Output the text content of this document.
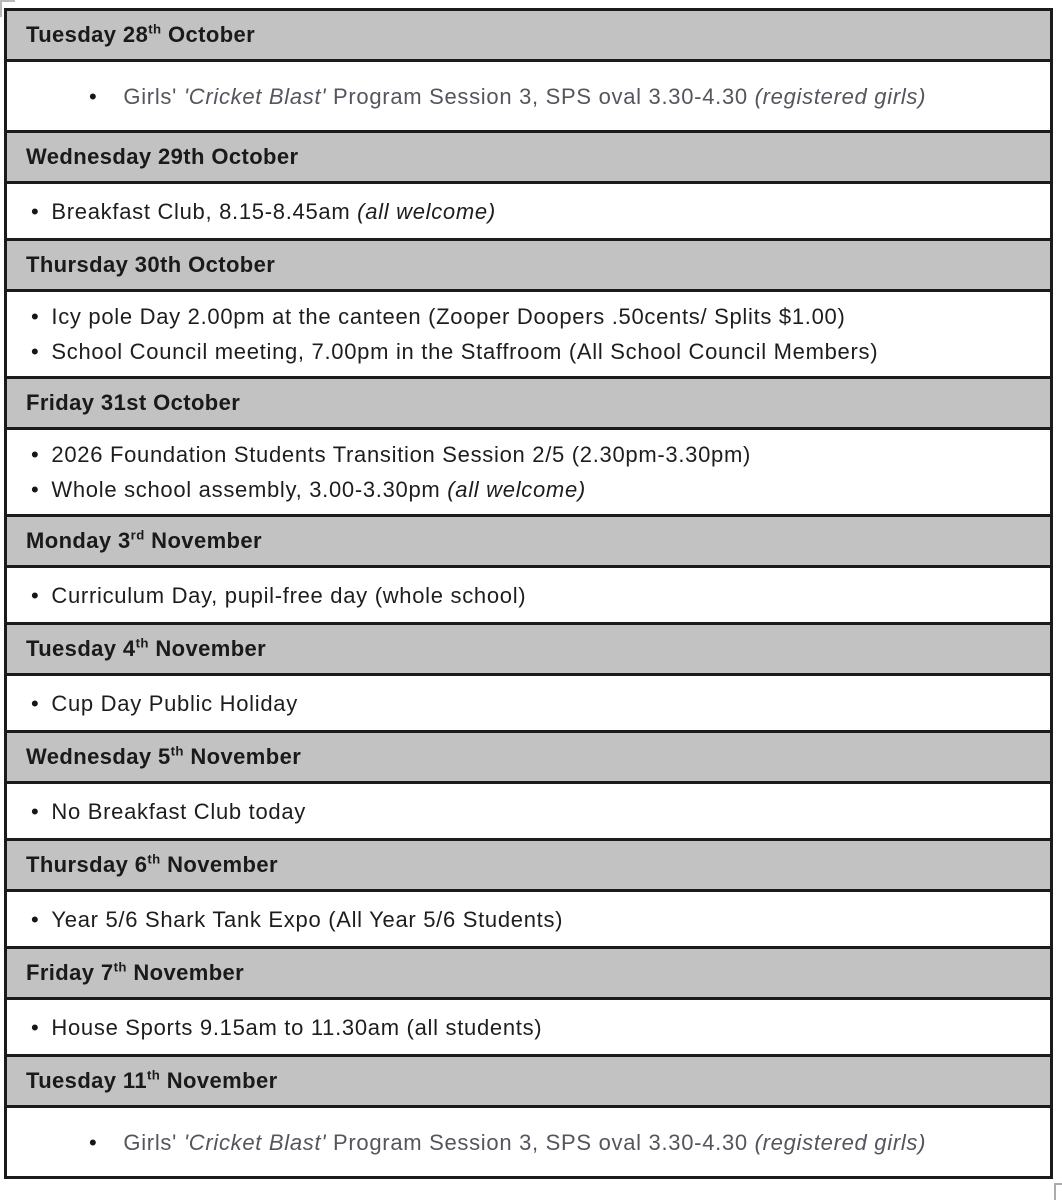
Tuesday 28th October
• Girls' 'Cricket Blast' Program Session 3, SPS oval 3.30-4.30 (registered girls)
Wednesday 29th October
• Breakfast Club, 8.15-8.45am (all welcome)
Thursday 30th October
• Icy pole Day 2.00pm at the canteen (Zooper Doopers .50cents/ Splits $1.00)
• School Council meeting, 7.00pm in the Staffroom (All School Council Members)
Friday 31st October
• 2026 Foundation Students Transition Session 2/5 (2.30pm-3.30pm)
• Whole school assembly, 3.00-3.30pm (all welcome)
Monday 3rd November
• Curriculum Day, pupil-free day (whole school)
Tuesday 4th November
• Cup Day Public Holiday
Wednesday 5th November
• No Breakfast Club today
Thursday 6th November
• Year 5/6 Shark Tank Expo (All Year 5/6 Students)
Friday 7th November
• House Sports 9.15am to 11.30am (all students)
Tuesday 11th November
• Girls' 'Cricket Blast' Program Session 3, SPS oval 3.30-4.30 (registered girls)
